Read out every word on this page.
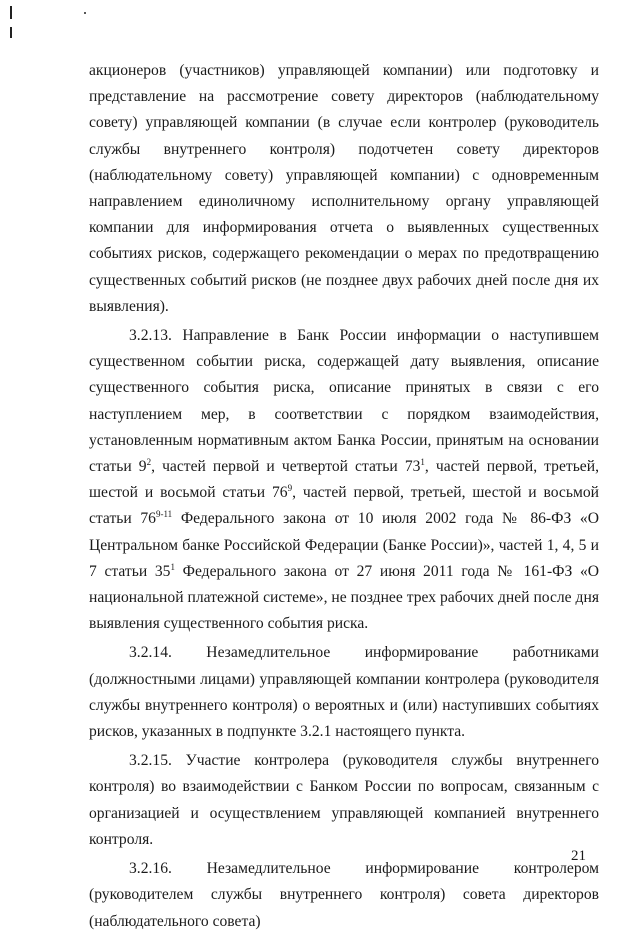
акционеров (участников) управляющей компании) или подготовку и представление на рассмотрение совету директоров (наблюдательному совету) управляющей компании (в случае если контролер (руководитель службы внутреннего контроля) подотчетен совету директоров (наблюдательному совету) управляющей компании) с одновременным направлением единоличному исполнительному органу управляющей компании для информирования отчета о выявленных существенных событиях рисков, содержащего рекомендации о мерах по предотвращению существенных событий рисков (не позднее двух рабочих дней после дня их выявления).

3.2.13. Направление в Банк России информации о наступившем существенном событии риска, содержащей дату выявления, описание существенного события риска, описание принятых в связи с его наступлением мер, в соответствии с порядком взаимодействия, установленным нормативным актом Банка России, принятым на основании статьи $9^2$, частей первой и четвертой статьи $73^1$, частей первой, третьей, шестой и восьмой статьи $76^9$, частей первой, третьей, шестой и восьмой статьи 76$^{9-11}$ Федерального закона от 10 июля 2002 года № 86-ФЗ «О Центральном банке Российской Федерации (Банке России)», частей 1, 4, 5 и 7 статьи $35^1$ Федерального закона от 27 июня 2011 года № 161-ФЗ «О национальной платежной системе», не позднее трех рабочих дней после дня выявления существенного события риска.

3.2.14. Незамедлительное информирование работниками (должностными лицами) управляющей компании контролера (руководителя службы внутреннего контроля) о вероятных и (или) наступивших событиях рисков, указанных в подпункте 3.2.1 настоящего пункта.

3.2.15. Участие контролера (руководителя службы внутреннего контроля) во взаимодействии с Банком России по вопросам, связанным с организацией и осуществлением управляющей компанией внутреннего контроля.

3.2.16. Незамедлительное информирование контролером (руководителем службы внутреннего контроля) совета директоров (наблюдательного совета)

21
